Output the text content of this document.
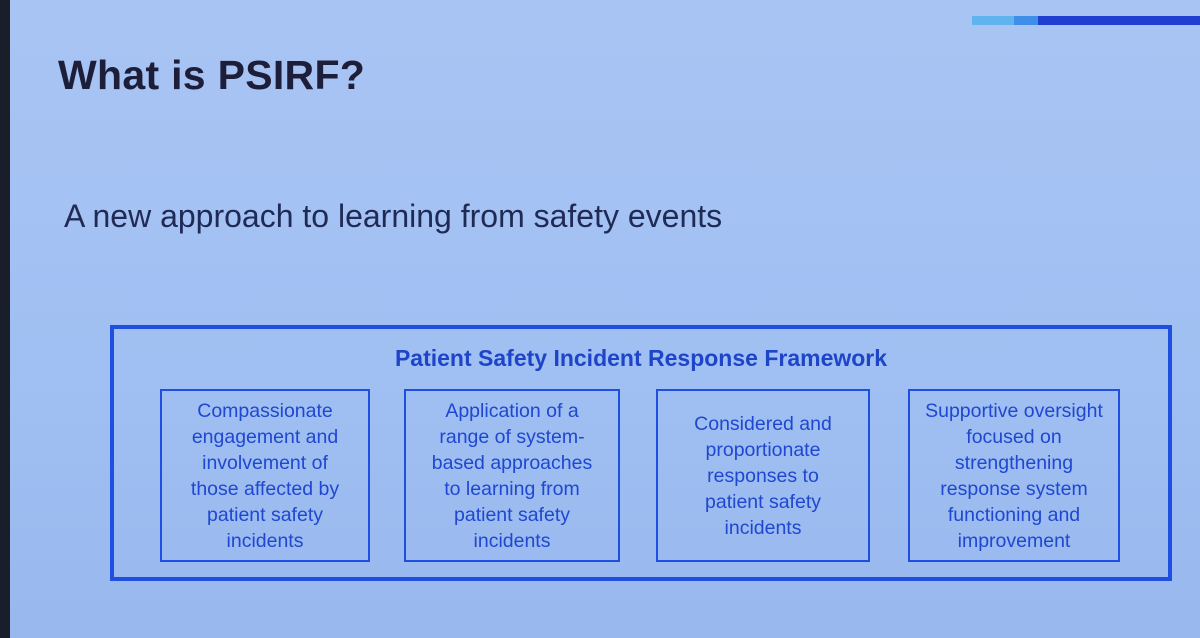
What is PSIRF?

A new approach to learning from safety events

Patient Safety Incident Response Framework
Compassionate engagement and involvement of those affected by patient safety incidents
Application of a range of system-based approaches to learning from patient safety incidents
Considered and proportionate responses to patient safety incidents
Supportive oversight focused on strengthening response system functioning and improvement
